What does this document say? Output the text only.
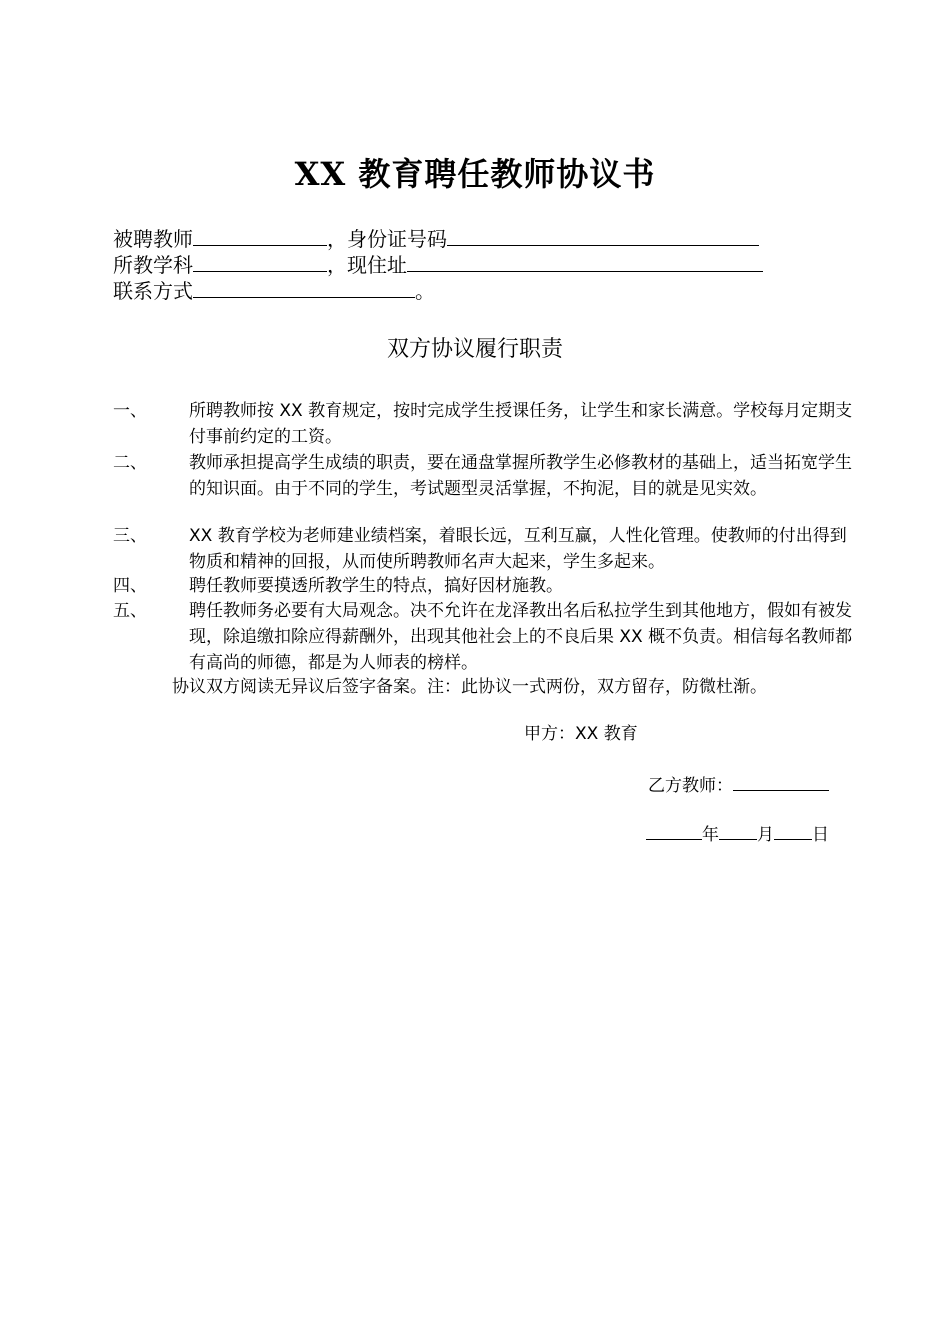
XX 教育聘任教师协议书
被聘教师	，身份证号码
所教学科	，现住址
联系方式	。
双方协议履行职责
一、	所聘教师按 XX 教育规定，按时完成学生授课任务，让学生和家长满意。学校每月定期支付事前约定的工资。
二、	教师承担提高学生成绩的职责，要在通盘掌握所教学生必修教材的基础上，适当拓宽学生的知识面。由于不同的学生，考试题型灵活掌握，不拘泥，目的就是见实效。
三、	XX 教育学校为老师建业绩档案，着眼长远，互利互赢，人性化管理。使教师的付出得到物质和精神的回报，从而使所聘教师名声大起来，学生多起来。
四、	聘任教师要摸透所教学生的特点，搞好因材施教。
五、	聘任教师务必要有大局观念。决不允许在龙泽教出名后私拉学生到其他地方，假如有被发现，除追缴扣除应得薪酬外，出现其他社会上的不良后果 XX 概不负责。相信每名教师都有高尚的师德，都是为人师表的榜样。
协议双方阅读无异议后签字备案。注：此协议一式两份，双方留存，防微杜渐。
甲方：XX 教育
乙方教师：
年 月 日
